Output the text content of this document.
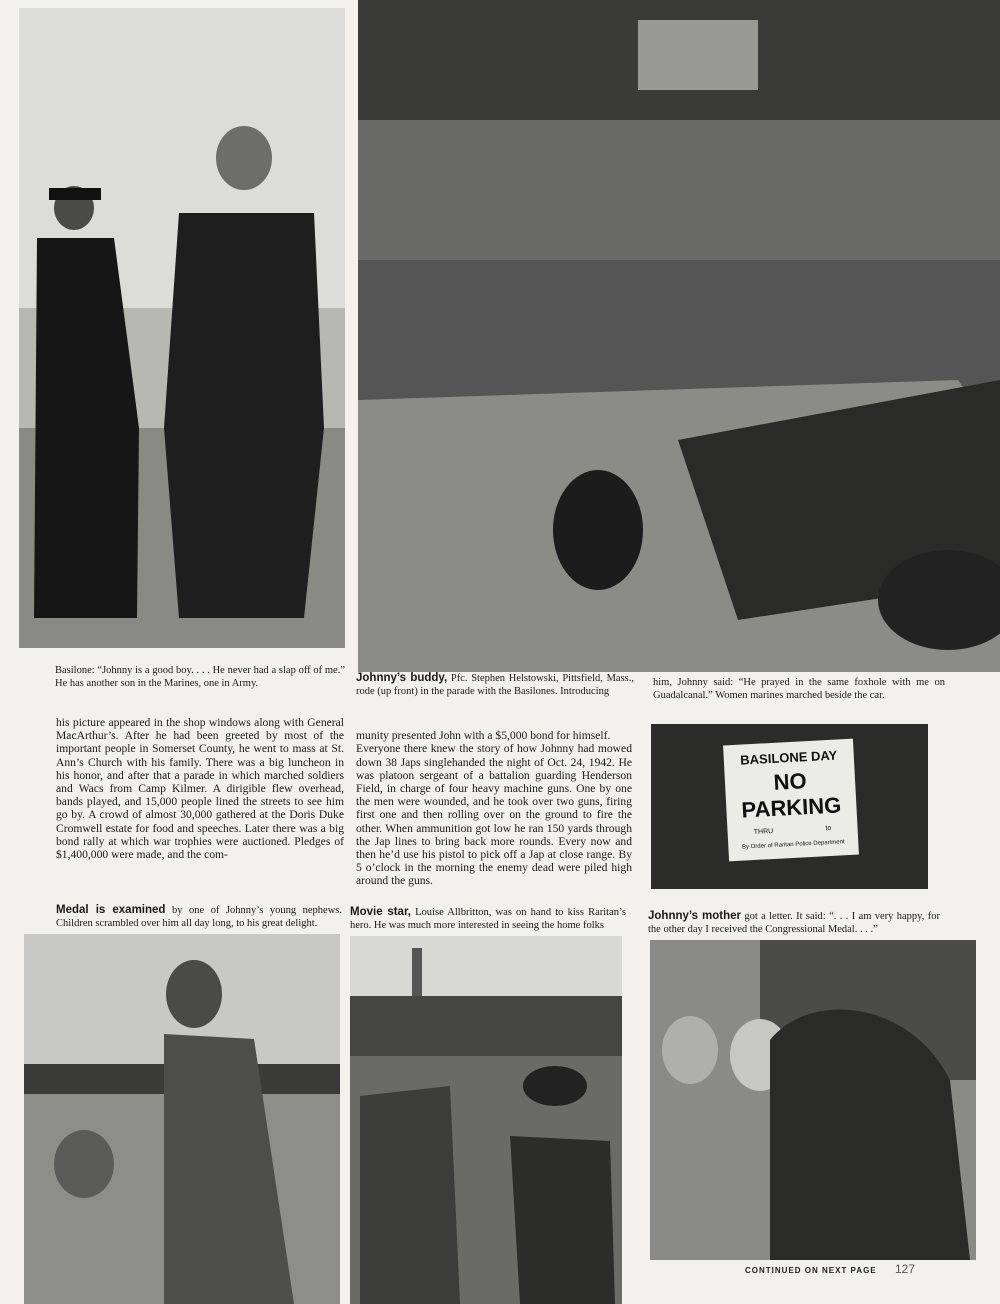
Basilone: “Johnny is a good boy. . . . He never had a slap off of me.” He has another son in the Marines, one in Army.	Johnny’s buddy, Pfc. Stephen Helstowski, Pittsfield, Mass., rode (up front) in the parade with the Basilones. Introducing
him, Johnny said: “He prayed in the same foxhole with me on Guadalcanal.” Women marines marched beside the car.
his picture appeared in the shop windows along with General MacArthur’s. After he had been greeted by most of the important people in Somerset County, he went to mass at St. Ann’s Church with his family. There was a big luncheon in his honor, and after that a parade in which marched soldiers and Wacs from Camp Kilmer. A dirigible flew overhead, bands played, and 15,000 people lined the streets to see him go by. A crowd of almost 30,000 gathered at the Doris Duke Cromwell estate for food and speeches. Later there was a big bond rally at which war trophies were auctioned. Pledges of $1,400,000 were made, and the com-

munity presented John with a $5,000 bond for himself.
Everyone there knew the story of how Johnny had mowed down 38 Japs singlehanded the night of Oct. 24, 1942. He was platoon sergeant of a battalion guarding Henderson Field, in charge of four heavy machine guns. One by one the men were wounded, and he took over two guns, firing first one and then rolling over on the ground to fire the other. When ammunition got low he ran 150 yards through the Jap lines to bring back more rounds. Every now and then he’d use his pistol to pick off a Jap at close range. By 5 o’clock in the morning the enemy dead were piled high around the guns.

BASILONE DAY
NO PARKING
THRU	to
By Order of Raritan Police Department
Medal is examined by one of Johnny’s young nephews. Children scrambled over him all day long, to his great delight.
Movie star, Louise Allbritton, was on hand to kiss Raritan’s hero. He was much more interested in seeing the home folks
Johnny’s mother got a letter. It said: “. . . I am very happy, for the other day I received the Congressional Medal. . . .”
CONTINUED ON NEXT PAGE 127
